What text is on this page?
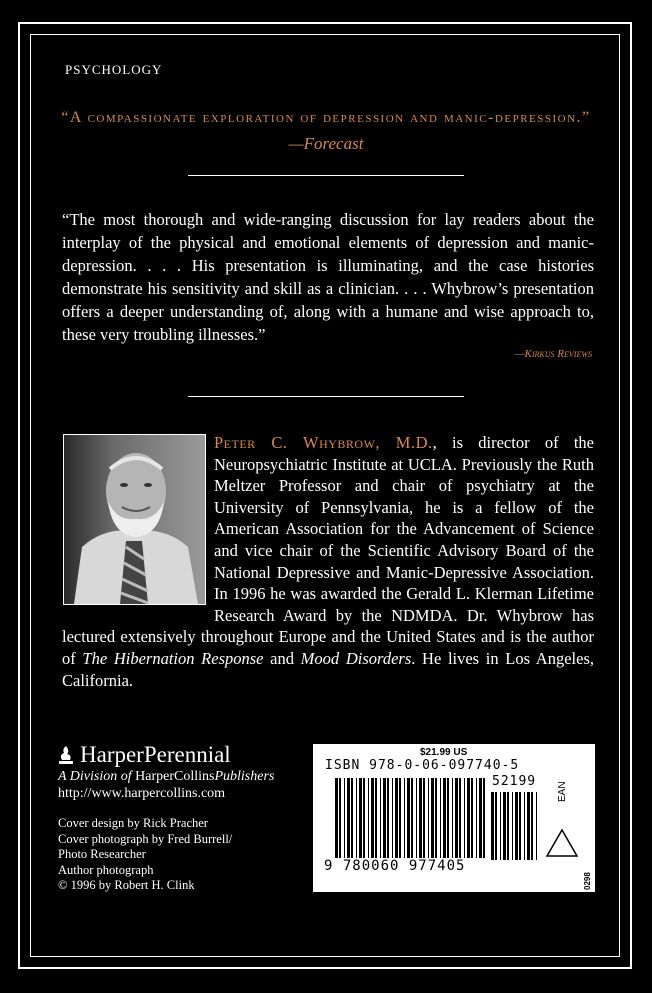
PSYCHOLOGY
“A compassionate exploration of depression and manic-depression.” —Forecast
“The most thorough and wide-ranging discussion for lay readers about the interplay of the physical and emotional elements of depression and manic-depression. . . . His presentation is illuminating, and the case histories demonstrate his sensitivity and skill as a clinician. . . . Whybrow’s presentation offers a deeper understanding of, along with a humane and wise approach to, these very troubling illnesses.”
—Kirkus Reviews
Peter C. Whybrow, M.D., is director of the Neuropsychiatric Institute at UCLA. Previously the Ruth Meltzer Professor and chair of psychiatry at the University of Pennsylvania, he is a fellow of the American Association for the Advancement of Science and vice chair of the Scientific Advisory Board of the National Depressive and Manic-Depressive Association. In 1996 he was awarded the Gerald L. Klerman Lifetime Research Award by the NDMDA. Dr. Whybrow has lectured extensively throughout Europe and the United States and is the author of The Hibernation Response and Mood Disorders. He lives in Los Angeles, California.
HarperPerennial
A Division of HarperCollinsPublishers
http://www.harpercollins.com
Cover design by Rick Pracher
Cover photograph by Fred Burrell/
Photo Researcher
Author photograph
© 1996 by Robert H. Clink
$21.99 US
ISBN 978-0-06-097740-5
52199
9 780060 977405
EAN
0298
